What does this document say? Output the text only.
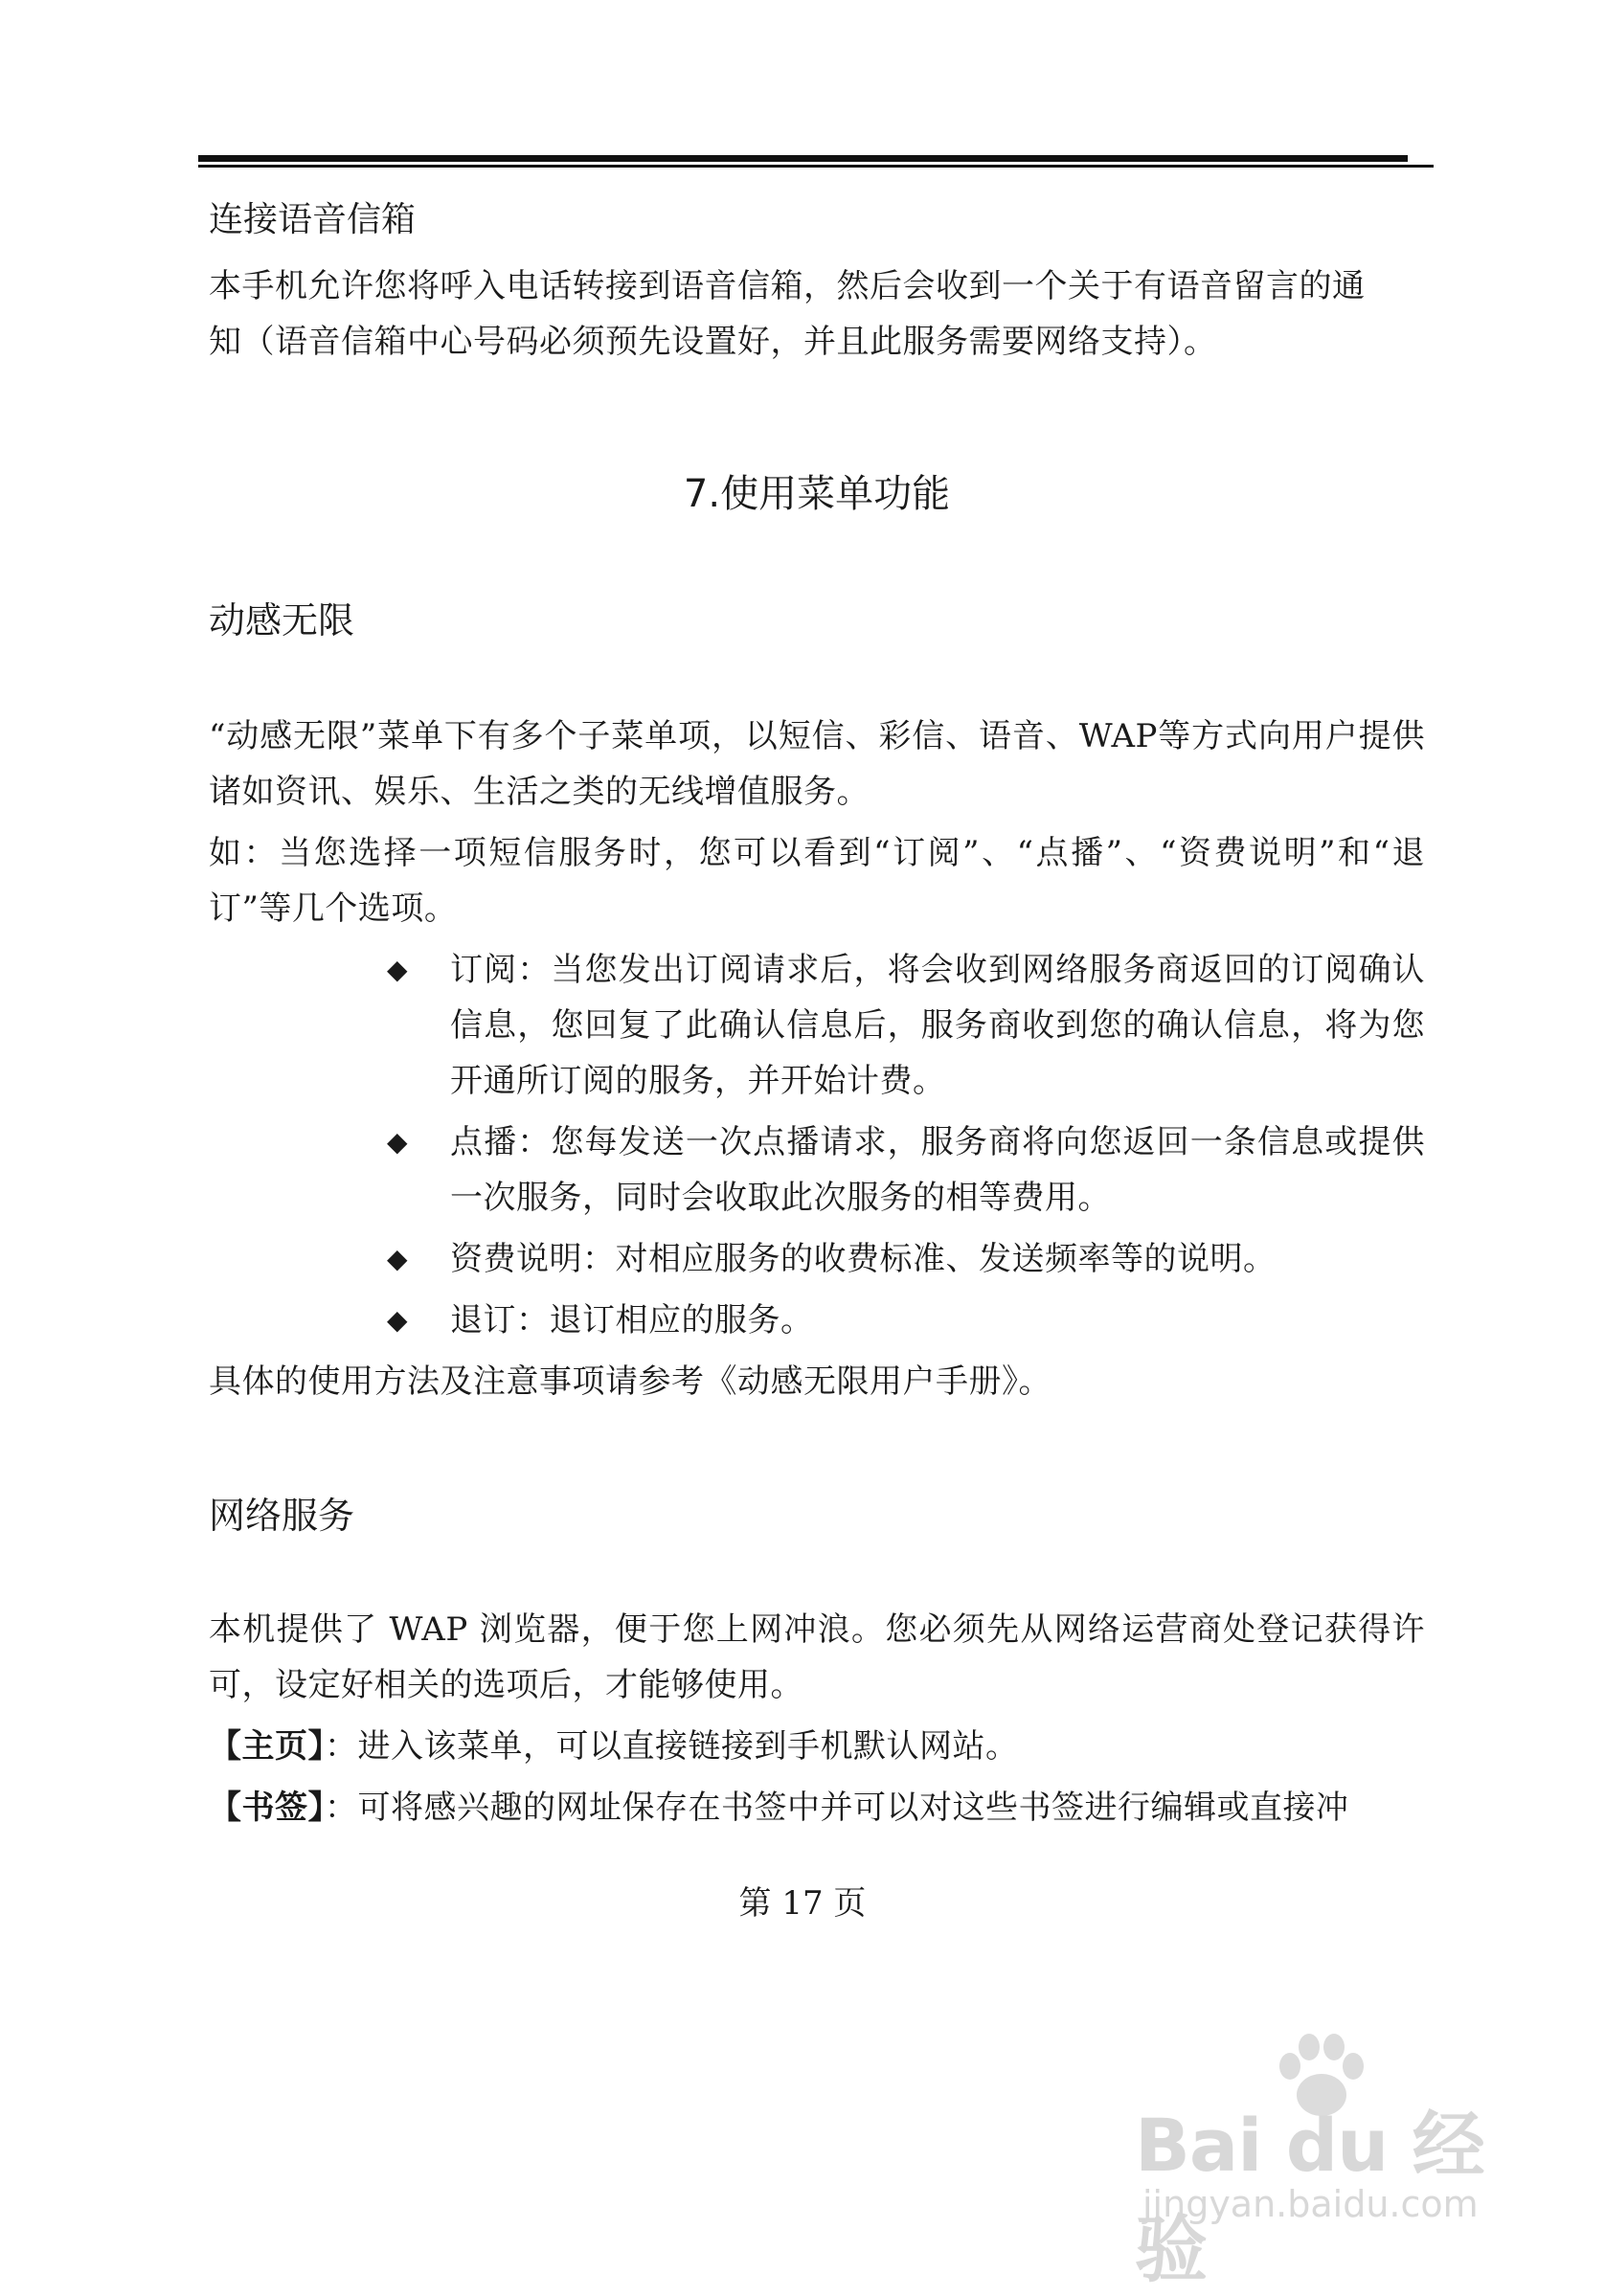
连接语音信箱

本手机允许您将呼入电话转接到语音信箱，然后会收到一个关于有语音留言的通

知（语音信箱中心号码必须预先设置好，并且此服务需要网络支持）。

7.使用菜单功能
动感无限

“动感无限”菜单下有多个子菜单项，以短信、彩信、语音、WAP等方式向用户提供诸如资讯、娱乐、生活之类的无线增值服务。

如：当您选择一项短信服务时，您可以看到“订阅”、“点播”、“资费说明”和“退订”等几个选项。

◆ 订阅：当您发出订阅请求后，将会收到网络服务商返回的订阅确认信息，您回复了此确认信息后，服务商收到您的确认信息，将为您开通所订阅的服务，并开始计费。
◆ 点播：您每发送一次点播请求，服务商将向您返回一条信息或提供一次服务，同时会收取此次服务的相等费用。
◆ 资费说明：对相应服务的收费标准、发送频率等的说明。
◆ 退订：退订相应的服务。

具体的使用方法及注意事项请参考《动感无限用户手册》。

网络服务

本机提供了 WAP 浏览器，便于您上网冲浪。您必须先从网络运营商处登记获得许可，设定好相关的选项后，才能够使用。

【主页】：进入该菜单，可以直接链接到手机默认网站。

【书签】：可将感兴趣的网址保存在书签中并可以对这些书签进行编辑或直接冲

第 17 页
Bai du 经验
jingyan.baidu.com
